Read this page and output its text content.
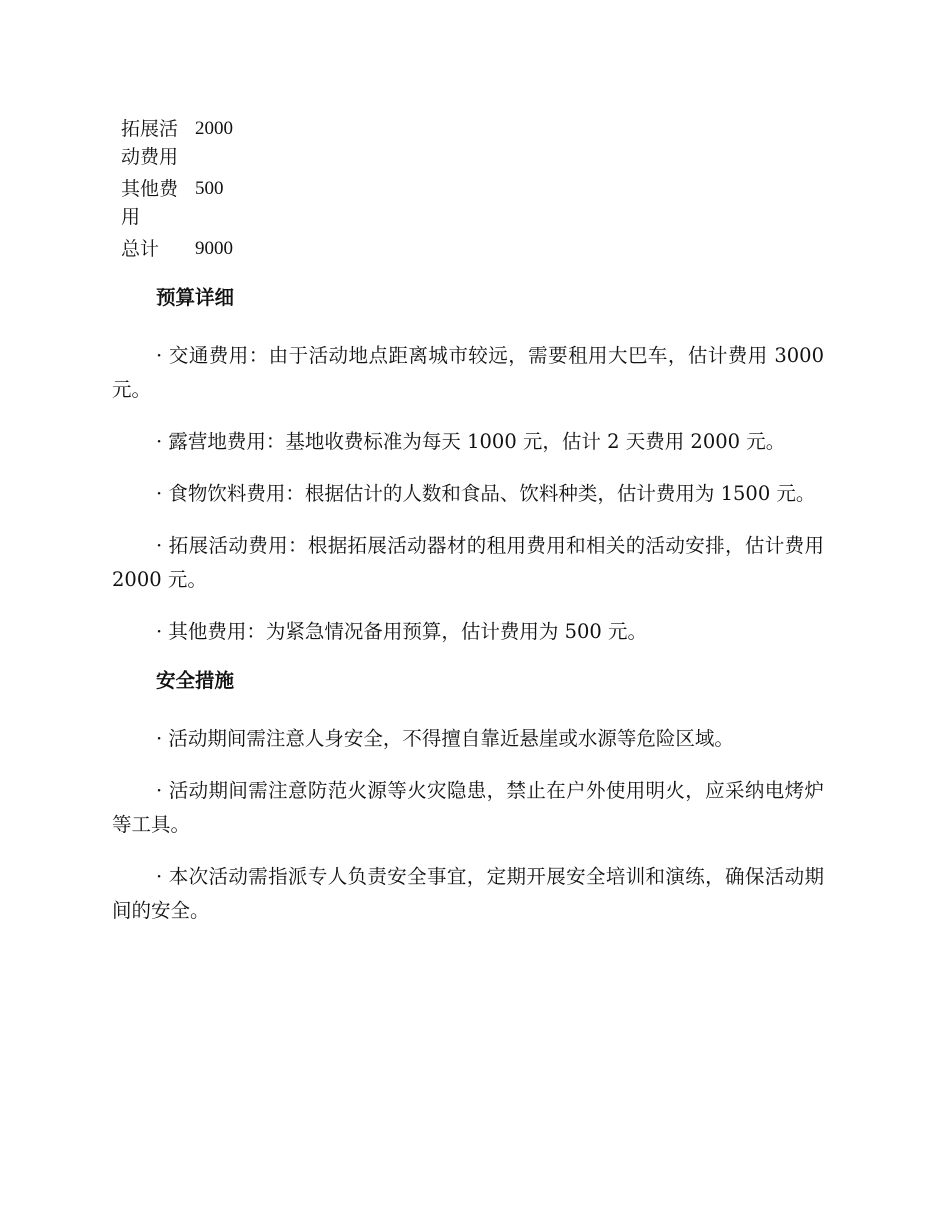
拓展活动费用
2000
其他费用
500
总计	9000
预算详细

· 交通费用：由于活动地点距离城市较远，需要租用大巴车，估计费用 3000 元。

· 露营地费用：基地收费标准为每天 1000 元，估计 2 天费用 2000 元。

· 食物饮料费用：根据估计的人数和食品、饮料种类，估计费用为 1500 元。

· 拓展活动费用：根据拓展活动器材的租用费用和相关的活动安排，估计费用 2000 元。

· 其他费用：为紧急情况备用预算，估计费用为 500 元。

安全措施

· 活动期间需注意人身安全，不得擅自靠近悬崖或水源等危险区域。

· 活动期间需注意防范火源等火灾隐患，禁止在户外使用明火，应采纳电烤炉等工具。

· 本次活动需指派专人负责安全事宜，定期开展安全培训和演练，确保活动期间的安全。
